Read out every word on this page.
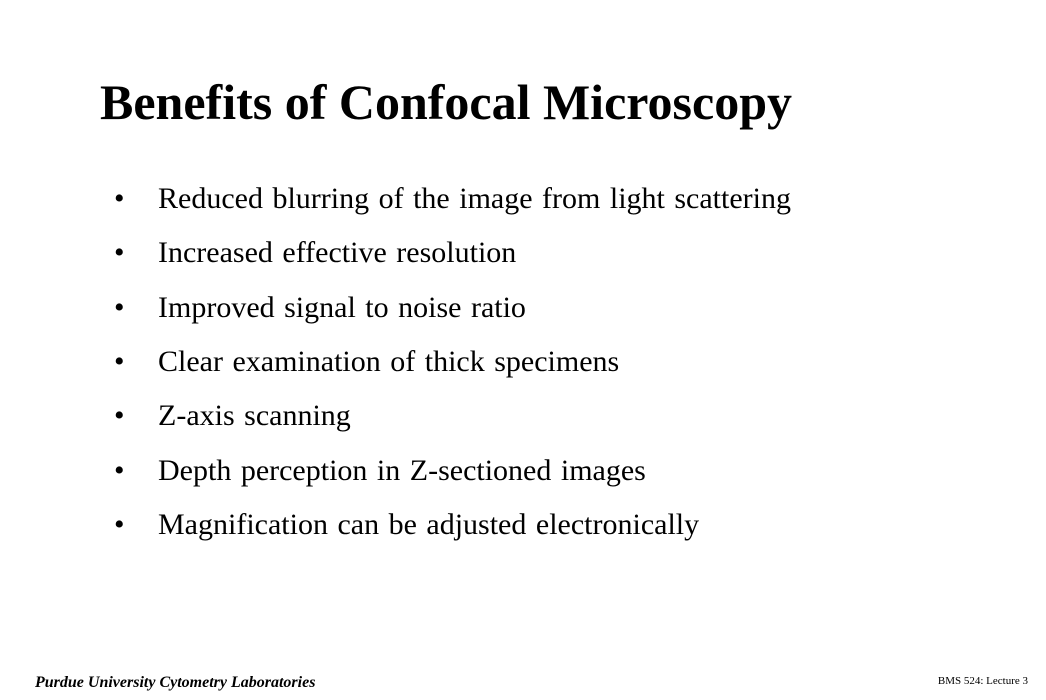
Benefits of Confocal Microscopy
•	Reduced blurring of the image from light scattering
•	Increased effective resolution
•	Improved signal to noise ratio
•	Clear examination of thick specimens
•	Z-axis scanning
•	Depth perception in Z-sectioned images
•	Magnification can be adjusted electronically
Purdue University Cytometry Laboratories	BMS 524: Lecture 3
